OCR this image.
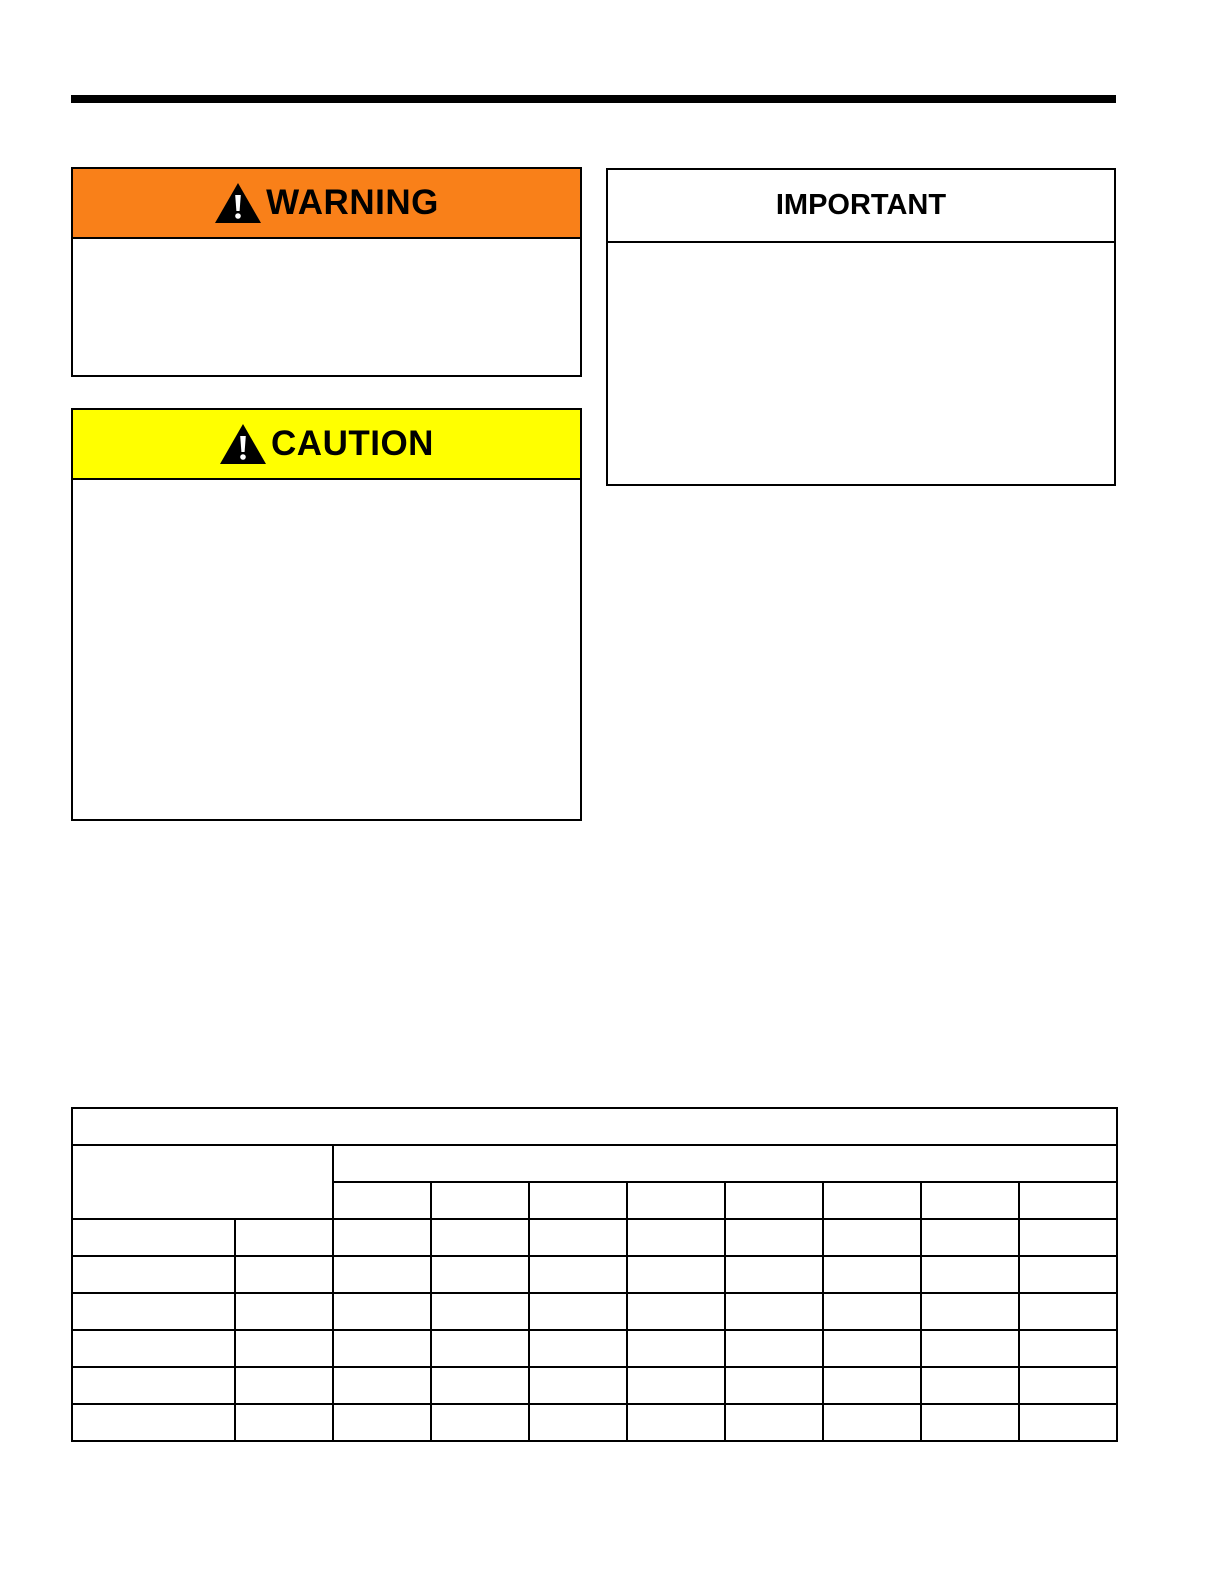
WARNING
CAUTION
IMPORTANT
